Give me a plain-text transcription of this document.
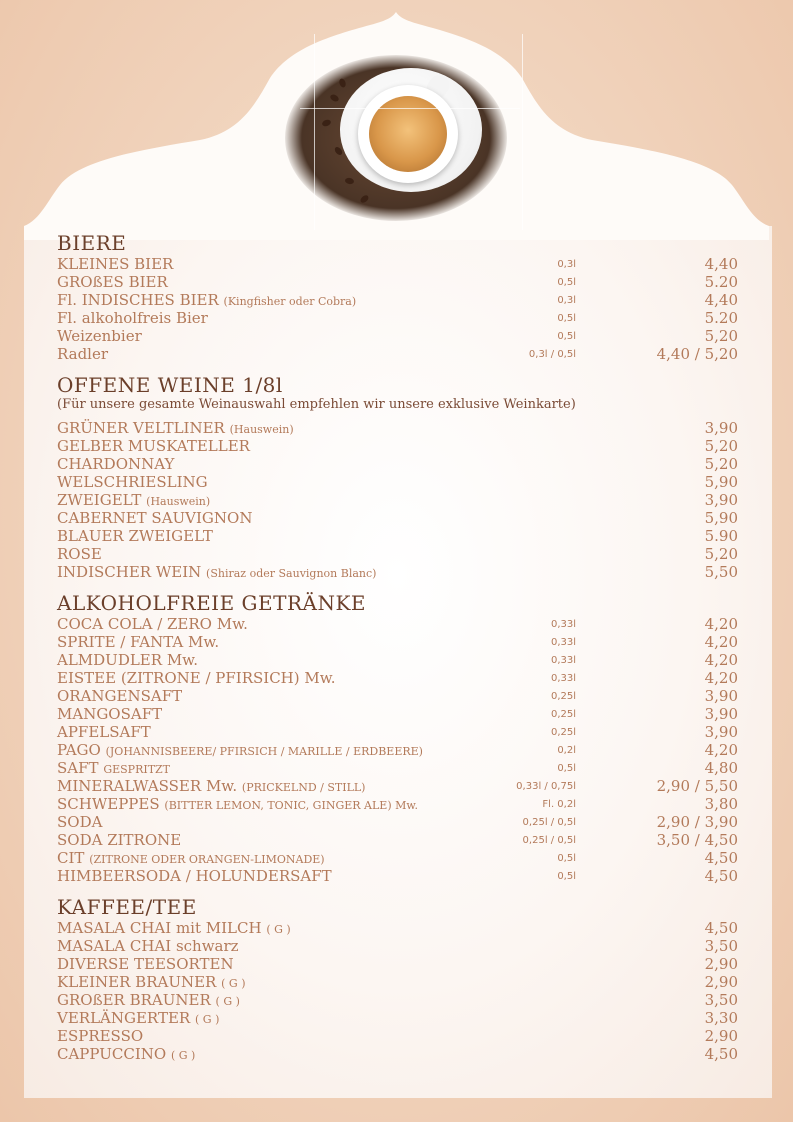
BIERE
KLEINES BIER	0,3l	4,40
GROßES BIER	0,5l	5.20
Fl. INDISCHES BIER (Kingfisher oder Cobra)	0,3l	4,40
Fl. alkoholfreis Bier	0,5l	5.20
Weizenbier	0,5l	5,20
Radler	0,3l / 0,5l	4,40 / 5,20
OFFENE WEINE 1/8l
(Für unsere gesamte Weinauswahl empfehlen wir unsere exklusive Weinkarte)
GRÜNER VELTLINER (Hauswein)	3,90
GELBER MUSKATELLER	5,20
CHARDONNAY	5,20
WELSCHRIESLING	5,90
ZWEIGELT (Hauswein)	3,90
CABERNET SAUVIGNON	5,90
BLAUER ZWEIGELT	5.90
ROSE	5,20
INDISCHER WEIN (Shiraz oder Sauvignon Blanc)	5,50
ALKOHOLFREIE GETRÄNKE
COCA COLA / ZERO Mw.	0,33l	4,20
SPRITE / FANTA Mw.	0,33l	4,20
ALMDUDLER Mw.	0,33l	4,20
EISTEE (ZITRONE / PFIRSICH) Mw.	0,33l	4,20
ORANGENSAFT	0,25l	3,90
MANGOSAFT	0,25l	3,90
APFELSAFT	0,25l	3,90
PAGO (JOHANNISBEERE/ PFIRSICH / MARILLE / ERDBEERE)	0,2l	4,20
SAFT GESPRITZT	0,5l	4,80
MINERALWASSER Mw. (PRICKELND / STILL)	0,33l / 0,75l	2,90 / 5,50
SCHWEPPES (BITTER LEMON, TONIC, GINGER ALE) Mw.	Fl. 0,2l	3,80
SODA	0,25l / 0,5l	2,90 / 3,90
SODA ZITRONE	0,25l / 0,5l	3,50 / 4,50
CIT (ZITRONE ODER ORANGEN-LIMONADE)	0,5l	4,50
HIMBEERSODA / HOLUNDERSAFT	0,5l	4,50
KAFFEE/TEE
MASALA CHAI mit MILCH ( G )	4,50
MASALA CHAI schwarz	3,50
DIVERSE TEESORTEN	2,90
KLEINER BRAUNER ( G )	2,90
GROßER BRAUNER ( G )	3,50
VERLÄNGERTER ( G )	3,30
ESPRESSO	2,90
CAPPUCCINO ( G )	4,50
